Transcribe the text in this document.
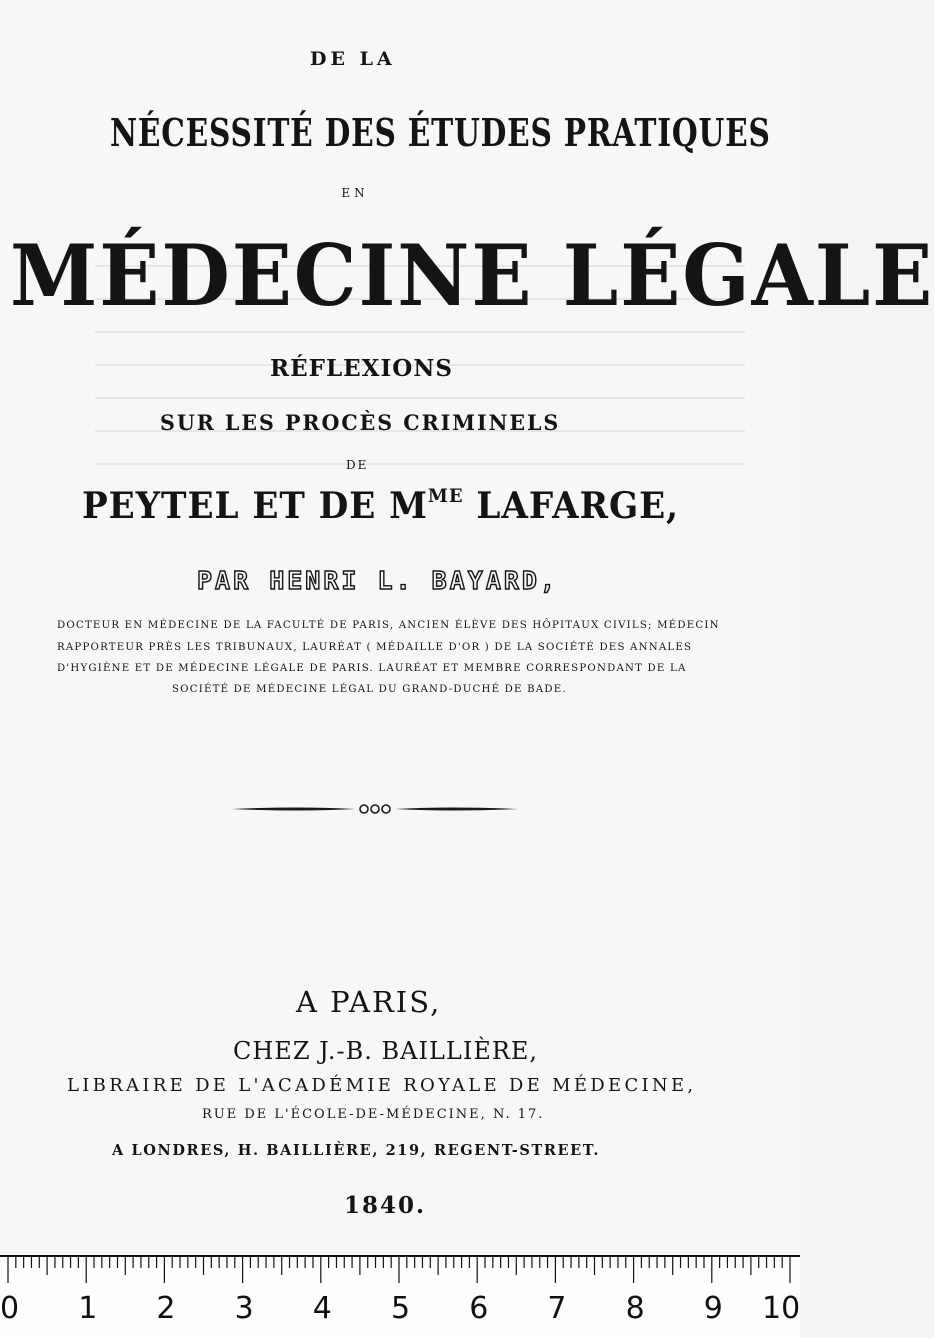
DE LA
NÉCESSITÉ DES ÉTUDES PRATIQUES
EN
MÉDECINE LÉGALE
RÉFLEXIONS
SUR LES PROCÈS CRIMINELS
DE
PEYTEL ET DE $M^{ME}$ LAFARGE,
PAR HENRI L. BAYARD,
DOCTEUR EN MÉDECINE DE LA FACULTÉ DE PARIS, ANCIEN ÉLÈVE DES HÔPITAUX CIVILS; MÉDECIN
RAPPORTEUR PRÈS LES TRIBUNAUX, LAURÉAT ( MÉDAILLE D'OR ) DE LA SOCIÉTÉ DES ANNALES
D'HYGIÈNE ET DE MÉDECINE LÉGALE DE PARIS. LAURÉAT ET MEMBRE CORRESPONDANT DE LA
SOCIÉTÉ DE MÉDECINE LÉGAL DU GRAND-DUCHÉ DE BADE.
A PARIS,
CHEZ J.-B. BAILLIÈRE,
LIBRAIRE DE L'ACADÉMIE ROYALE DE MÉDECINE,
RUE DE L'ÉCOLE-DE-MÉDECINE, N. 17.
A LONDRES, H. BAILLIÈRE, 219, REGENT-STREET.
1840.
0 1 2 3 4 5 6 7 8 9 10
